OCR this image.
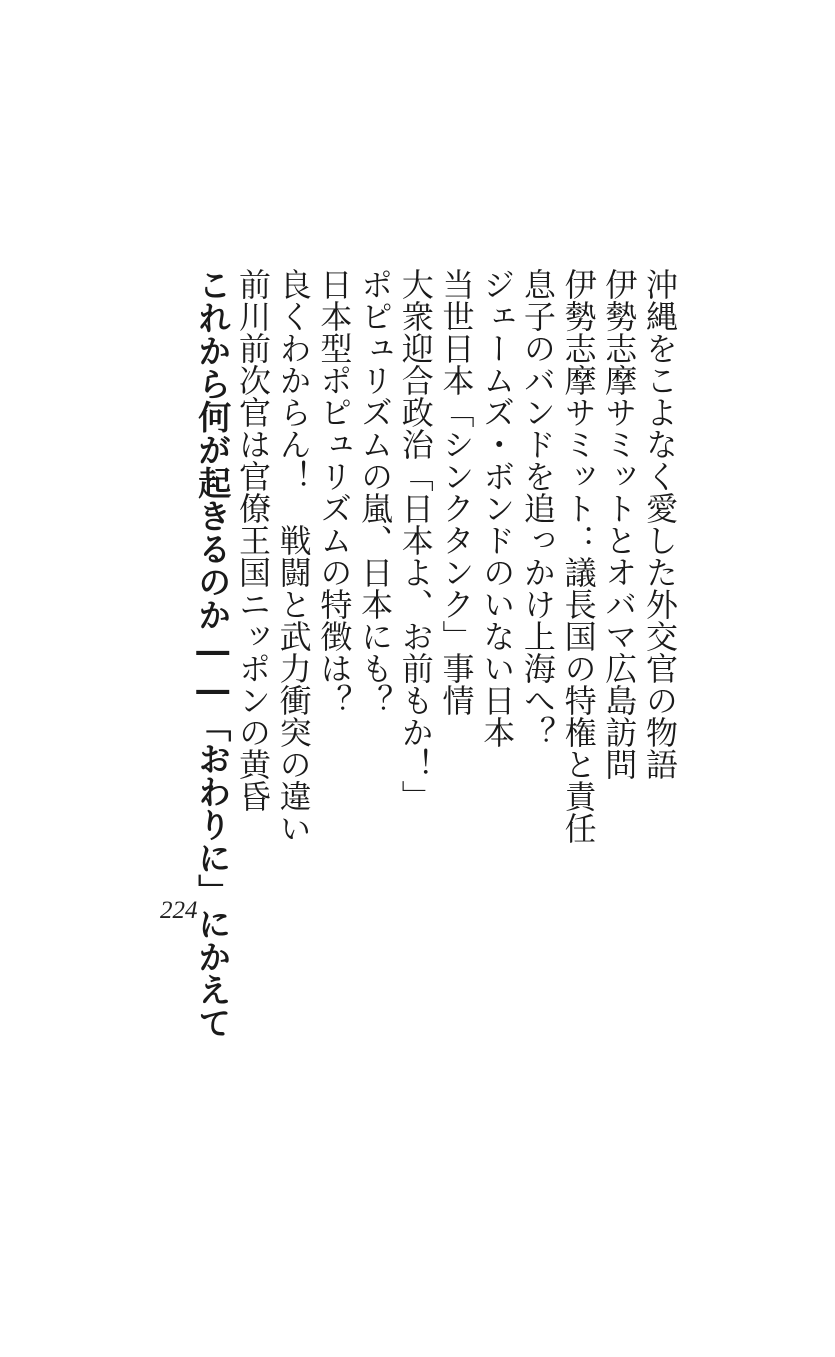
沖縄をこよなく愛した外交官の物語
伊勢志摩サミットとオバマ広島訪問
伊勢志摩サミット：議長国の特権と責任
息子のバンドを追っかけ上海へ？
ジェームズ・ボンドのいない日本
当世日本「シンクタンク」事情
大衆迎合政治「日本よ、お前もか！」
ポピュリズムの嵐、日本にも？
日本型ポピュリズムの特徴は？
良くわからん！　戦闘と武力衝突の違い
前川前次官は官僚王国ニッポンの黄昏
これから何が起きるのか――「おわりに」にかえて
224
